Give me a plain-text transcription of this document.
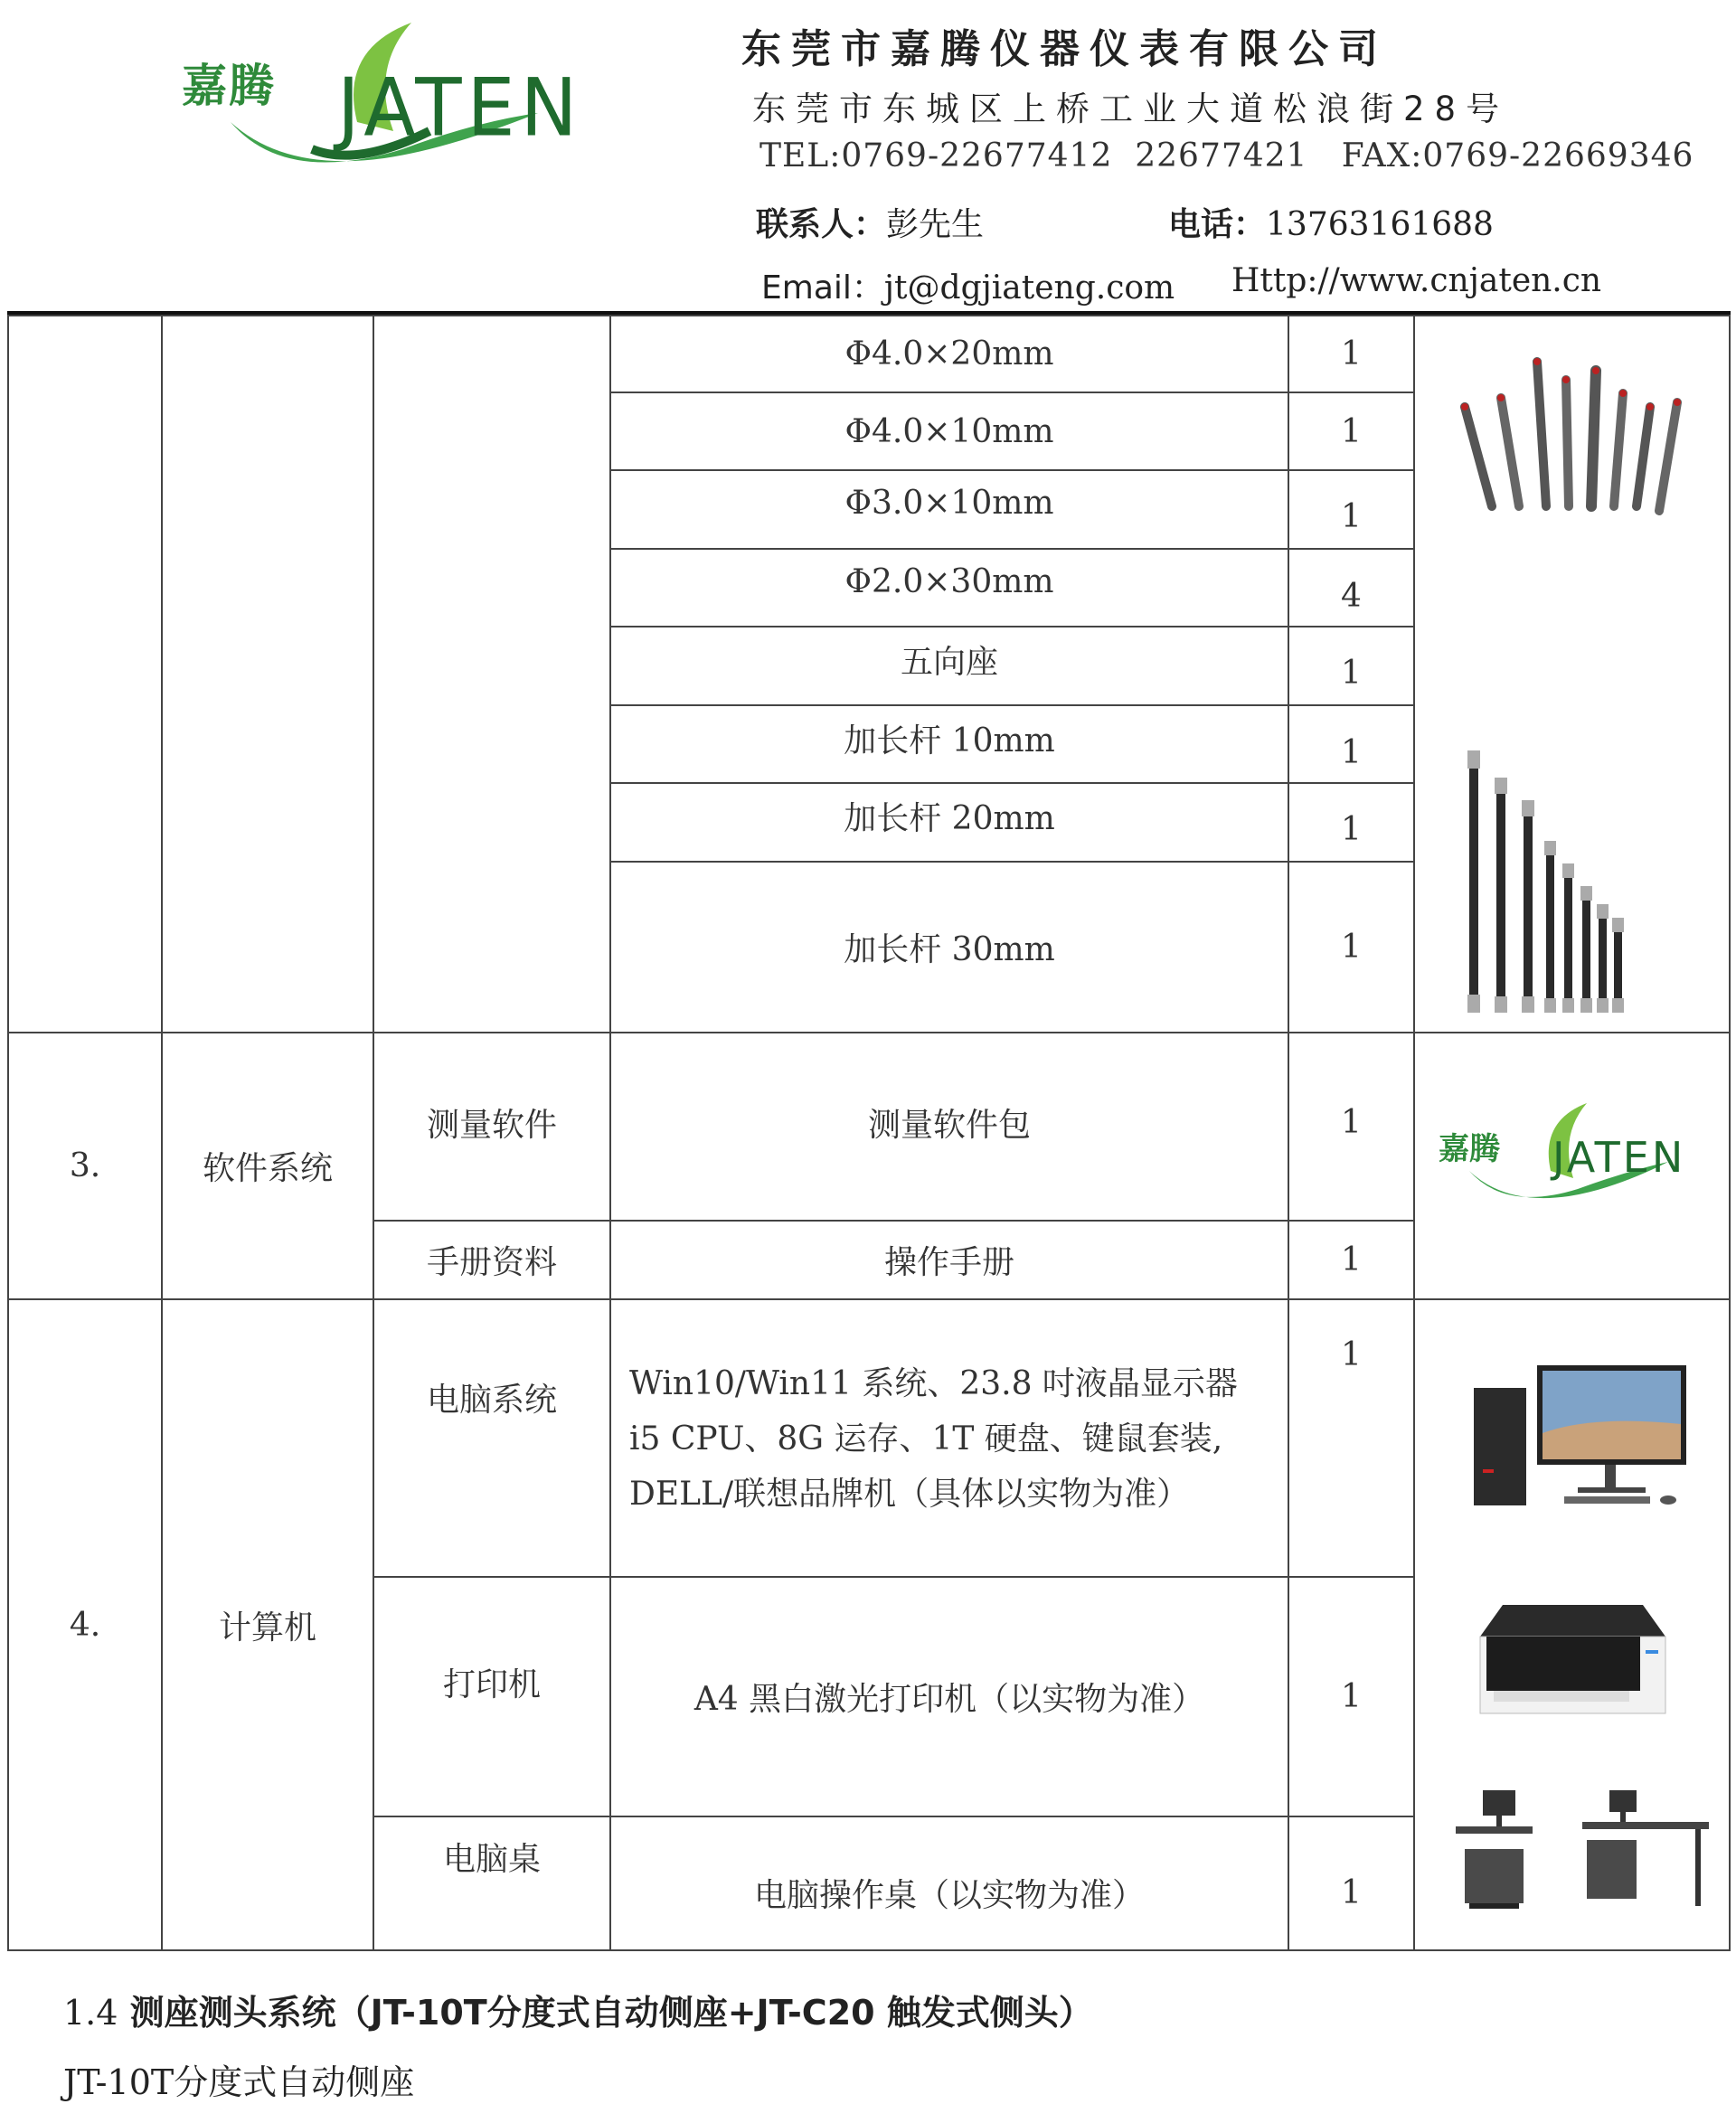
嘉腾 JATEN
东莞市嘉腾仪器仪表有限公司
东莞市东城区上桥工业大道松浪街28号
TEL:0769-22677412  22677421   FAX:0769-22669346
联系人：彭先生	电话：13763161688
Email：jt@dgjiateng.com Http://www.cnjaten.cn
Φ4.0×20mm	1
Φ4.0×10mm	1
Φ3.0×10mm	1
Φ2.0×30mm	4
五向座	1
加长杆 10mm	1
加长杆 20mm	1
加长杆 30mm	1
3.	软件系统
测量软件	测量软件包	1
手册资料	操作手册	1
嘉腾 JATEN
4.	计算机
电脑系统	Win10/Win11 系统、23.8 吋液晶显示器
i5 CPU、8G 运存、1T 硬盘、键鼠套装,
DELL/联想品牌机（具体以实物为准）
1
打印机	A4 黑白激光打印机（以实物为准）	1
电脑桌
电脑操作桌（以实物为准）	1
1.4 测座测头系统（JT-10T分度式自动侧座+JT-C20 触发式侧头）
JT-10T分度式自动侧座
